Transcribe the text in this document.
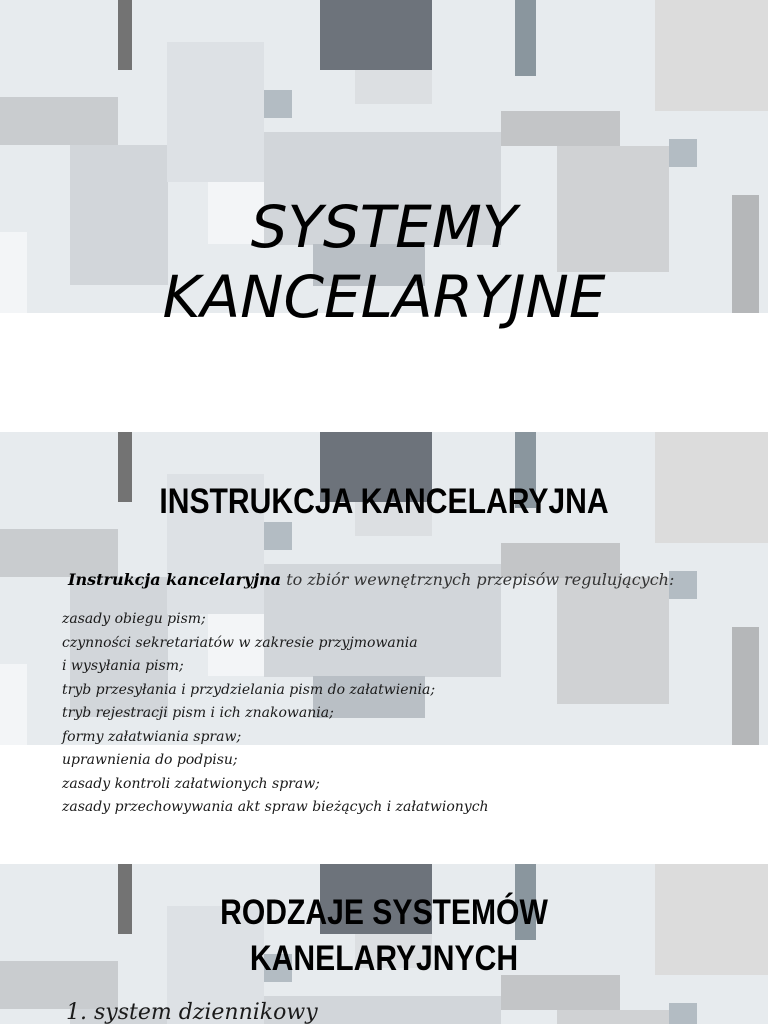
SYSTEMY
KANCELARYJNE
INSTRUKCJA KANCELARYJNA

Instrukcja kancelaryjna to zbiór wewnętrznych przepisów regulujących:

zasady obiegu pism;
czynności sekretariatów w zakresie przyjmowania
i wysyłania pism;
tryb przesyłania i przydzielania pism do załatwienia;
tryb rejestracji pism i ich znakowania;
formy załatwiania spraw;
uprawnienia do podpisu;
zasady kontroli załatwionych spraw;
zasady przechowywania akt spraw bieżących i załatwionych
RODZAJE SYSTEMÓW
KANELARYJNYCH
1. system dziennikowy
